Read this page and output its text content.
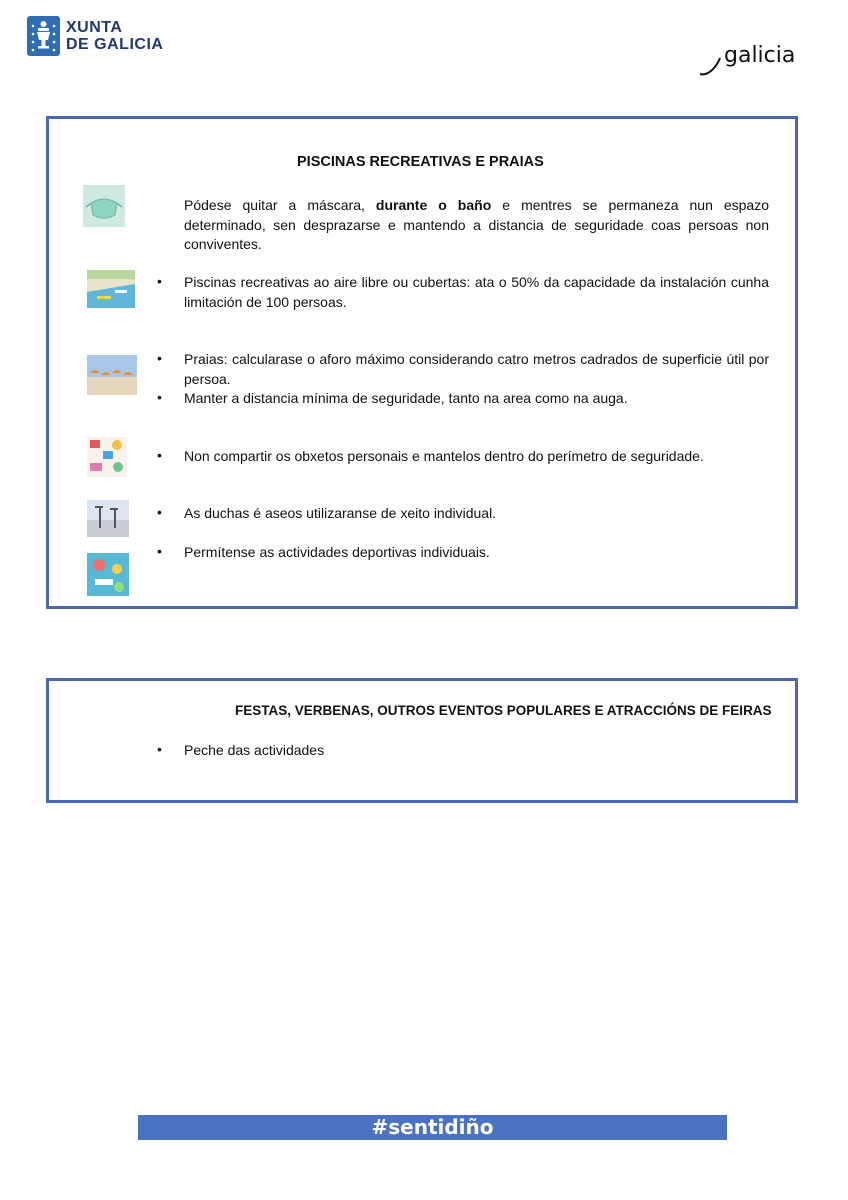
XUNTA
DE GALICIA	galicia
PISCINAS RECREATIVAS E PRAIAS
Pódese quitar a máscara, durante o baño e mentres se permaneza nun espazo determinado, sen desprazarse e mantendo a distancia de seguridade coas persoas non conviventes.
• Piscinas recreativas ao aire libre ou cubertas: ata o 50% da capacidade da instalación cunha limitación de 100 persoas.
• Praias: calcularase o aforo máximo considerando catro metros cadrados de superficie útil por persoa.
• Manter a distancia mínima de seguridade, tanto na area como na auga.
• Non compartir os obxetos personais e mantelos dentro do perímetro de seguridade.
• As duchas é aseos utilizaranse de xeito individual.
• Permítense as actividades deportivas individuais.
FESTAS, VERBENAS, OUTROS EVENTOS POPULARES E ATRACCIÓNS DE FEIRAS
• Peche das actividades
#sentidiño
